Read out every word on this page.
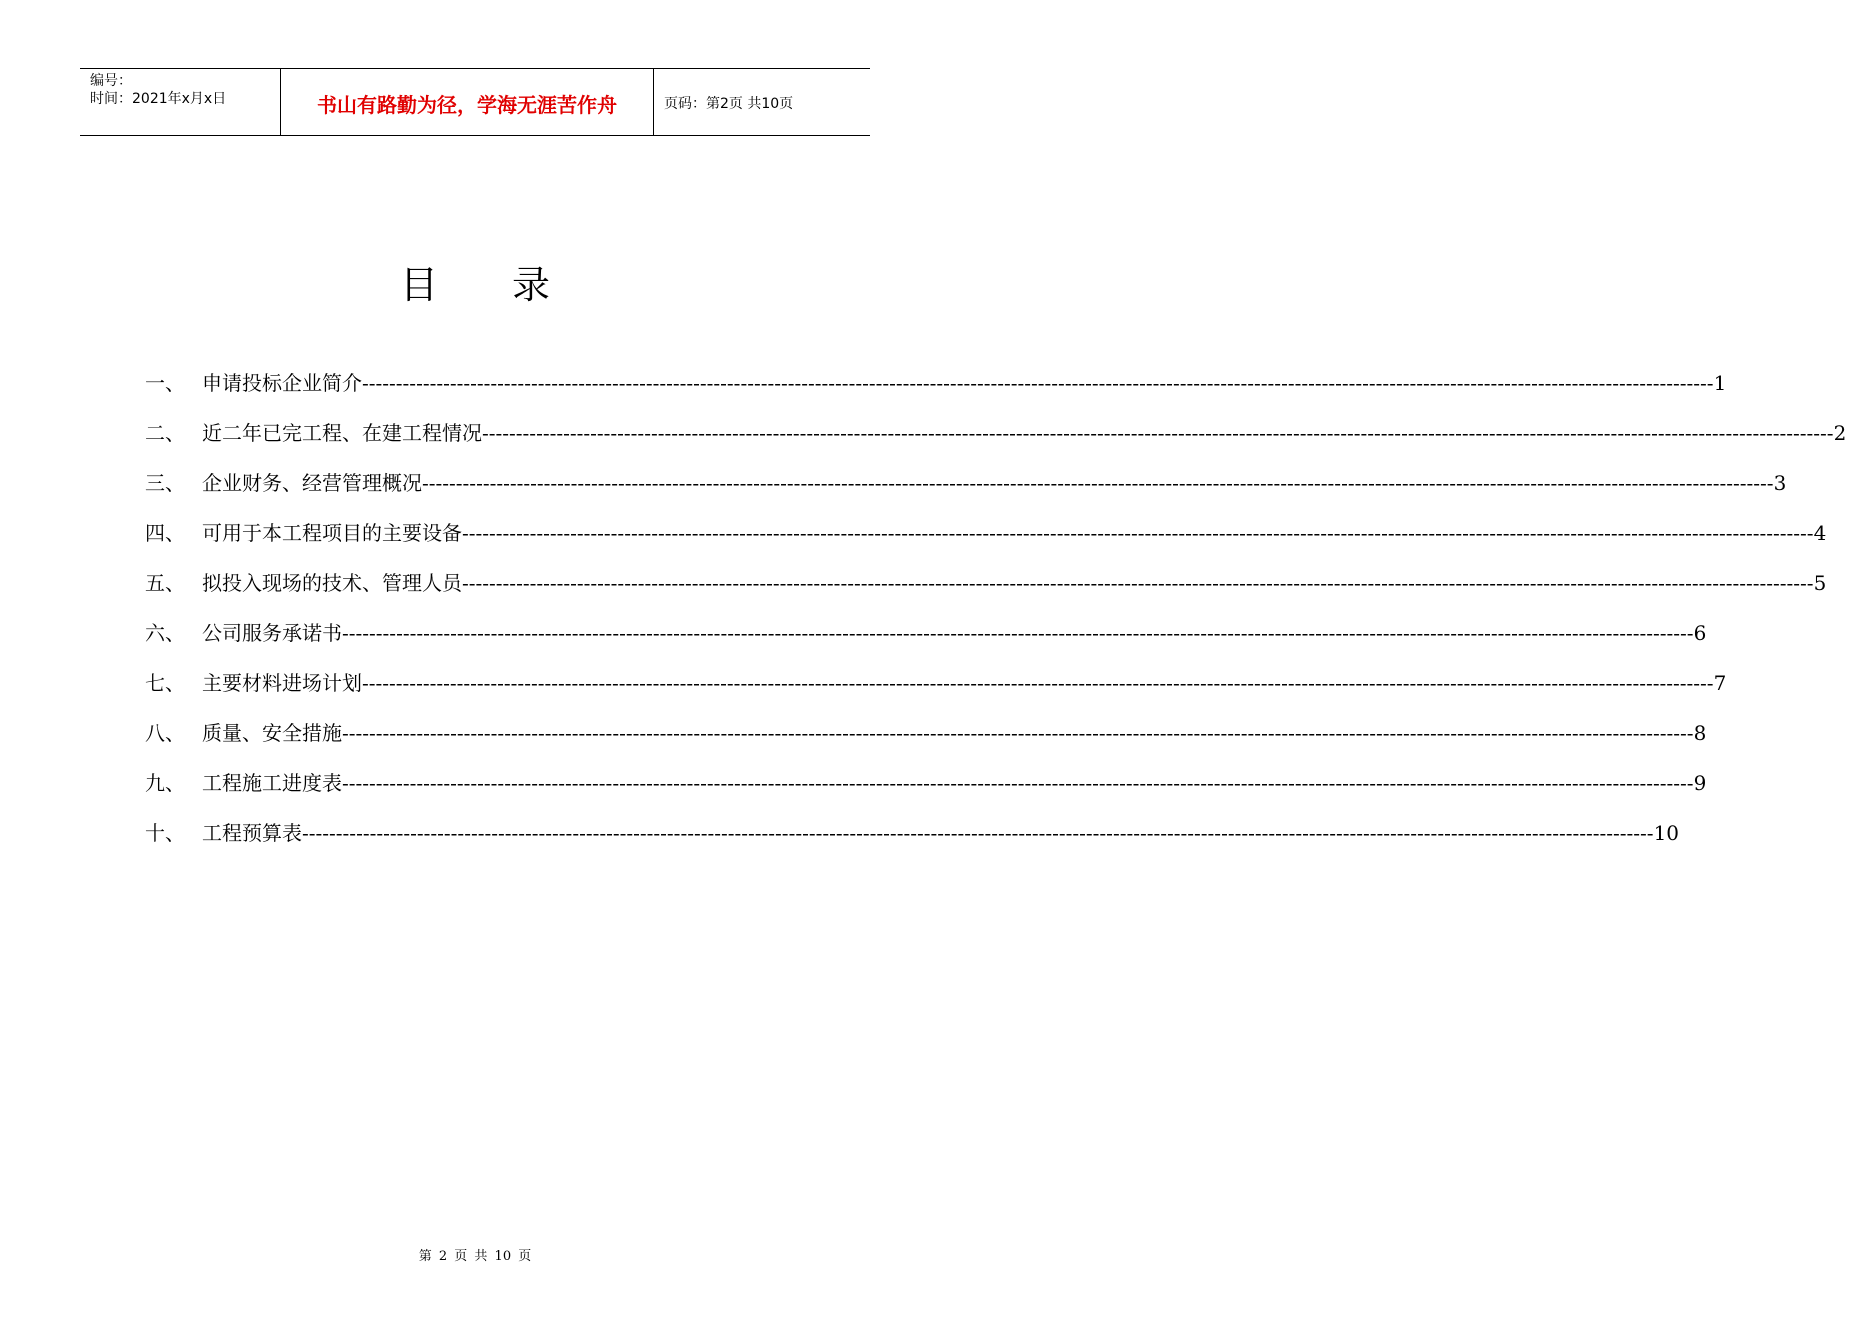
编号：
时间：2021年x月x日	书山有路勤为径，学海无涯苦作舟	页码：第2页 共10页
目录
一、 申请投标企业简介 -------------------------------------------------------------------------------------------------------------------------------------------------------------------------------------------------------- 1
二、 近二年已完工程、在建工程情况 -------------------------------------------------------------------------------------------------------------------------------------------------------------------------------------------------------- 2
三、 企业财务、经营管理概况 -------------------------------------------------------------------------------------------------------------------------------------------------------------------------------------------------------- 3
四、 可用于本工程项目的主要设备 -------------------------------------------------------------------------------------------------------------------------------------------------------------------------------------------------------- 4
五、 拟投入现场的技术、管理人员 -------------------------------------------------------------------------------------------------------------------------------------------------------------------------------------------------------- 5
六、 公司服务承诺书 -------------------------------------------------------------------------------------------------------------------------------------------------------------------------------------------------------- 6
七、 主要材料进场计划 -------------------------------------------------------------------------------------------------------------------------------------------------------------------------------------------------------- 7
八、 质量、安全措施 -------------------------------------------------------------------------------------------------------------------------------------------------------------------------------------------------------- 8
九、 工程施工进度表 -------------------------------------------------------------------------------------------------------------------------------------------------------------------------------------------------------- 9
十、 工程预算表 -------------------------------------------------------------------------------------------------------------------------------------------------------------------------------------------------------- 10
第 2 页 共 10 页
